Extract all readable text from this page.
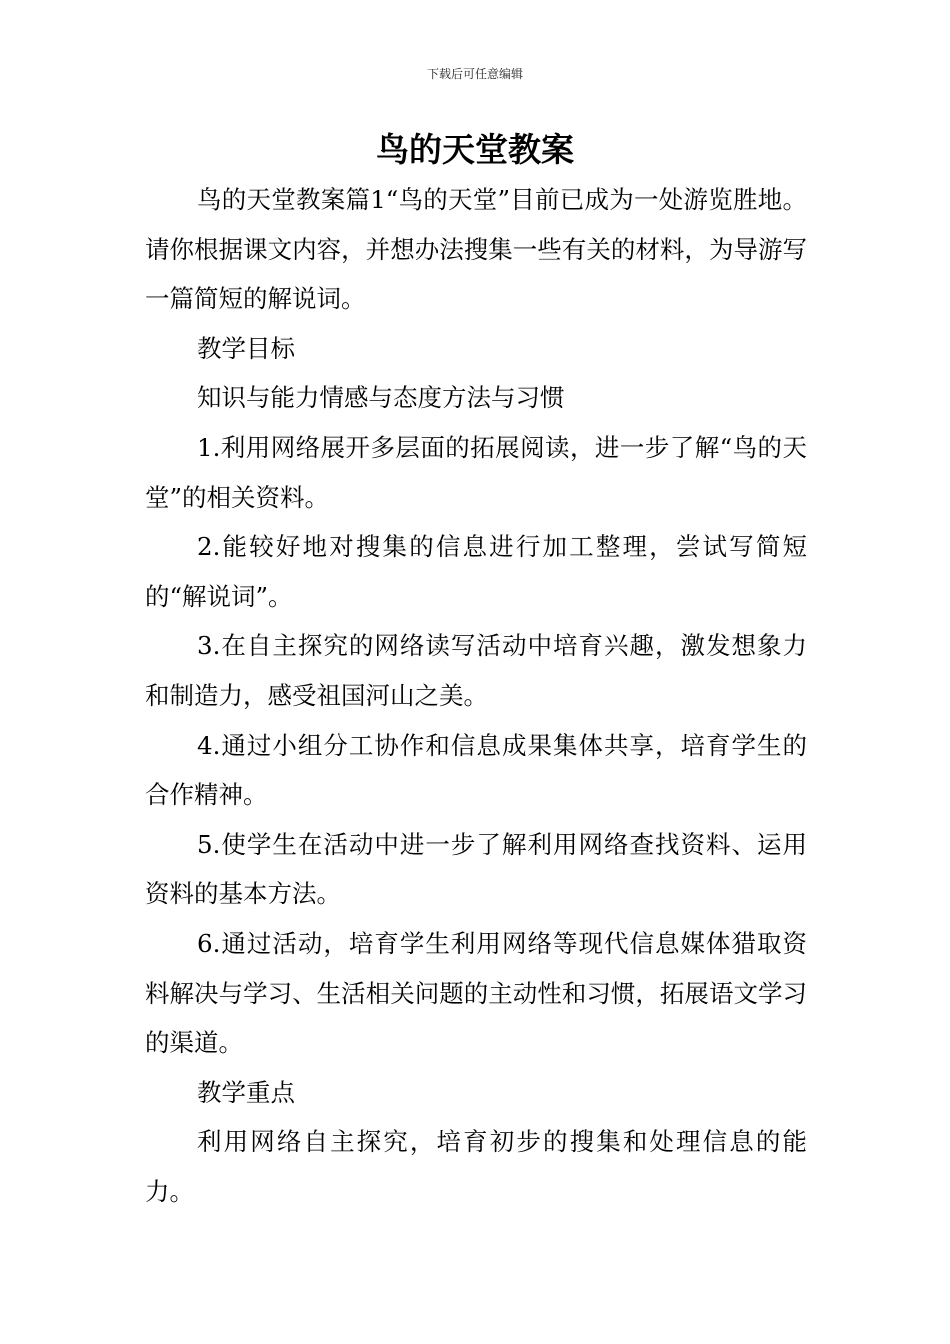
下载后可任意编辑
鸟的天堂教案

鸟的天堂教案篇1“鸟的天堂”目前已成为一处游览胜地。请你根据课文内容，并想办法搜集一些有关的材料，为导游写一篇简短的解说词。

教学目标

知识与能力情感与态度方法与习惯

1.利用网络展开多层面的拓展阅读，进一步了解“鸟的天堂”的相关资料。

2.能较好地对搜集的信息进行加工整理，尝试写简短的“解说词”。

3.在自主探究的网络读写活动中培育兴趣，激发想象力和制造力，感受祖国河山之美。

4.通过小组分工协作和信息成果集体共享，培育学生的合作精神。

5.使学生在活动中进一步了解利用网络查找资料、运用资料的基本方法。

6.通过活动，培育学生利用网络等现代信息媒体猎取资料解决与学习、生活相关问题的主动性和习惯，拓展语文学习的渠道。

教学重点

利用网络自主探究，培育初步的搜集和处理信息的能力。
